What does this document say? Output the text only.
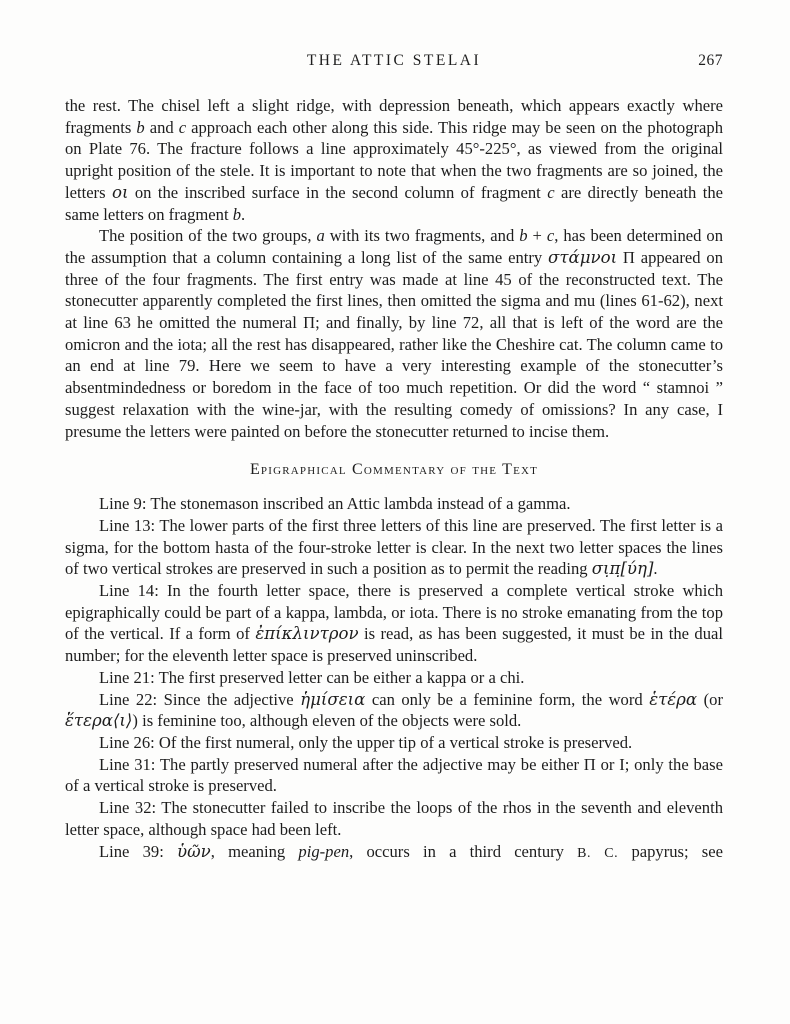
THE ATTIC STELAI	267

the rest. The chisel left a slight ridge, with depression beneath, which appears exactly where fragments b and c approach each other along this side. This ridge may be seen on the photograph on Plate 76. The fracture follows a line approximately 45°-225°, as viewed from the original upright position of the stele. It is important to note that when the two fragments are so joined, the letters οι on the inscribed surface in the second column of fragment c are directly beneath the same letters on fragment b.

The position of the two groups, a with its two fragments, and b + c, has been determined on the assumption that a column containing a long list of the same entry στάμνοι Π appeared on three of the four fragments. The first entry was made at line 45 of the reconstructed text. The stonecutter apparently completed the first lines, then omitted the sigma and mu (lines 61-62), next at line 63 he omitted the numeral Π; and finally, by line 72, all that is left of the word are the omicron and the iota; all the rest has disappeared, rather like the Cheshire cat. The column came to an end at line 79. Here we seem to have a very interesting example of the stonecutter’s absentmindedness or boredom in the face of too much repetition. Or did the word “ stamnoi ” suggest relaxation with the wine-jar, with the resulting comedy of omissions? In any case, I presume the letters were painted on before the stonecutter returned to incise them.

Epigraphical Commentary of the Text

Line 9: The stonemason inscribed an Attic lambda instead of a gamma.

Line 13: The lower parts of the first three letters of this line are preserved. The first letter is a sigma, for the bottom hasta of the four-stroke letter is clear. In the next two letter spaces the lines of two vertical strokes are preserved in such a position as to permit the reading σι̣π̣[ύη].

Line 14: In the fourth letter space, there is preserved a complete vertical stroke which epigraphically could be part of a kappa, lambda, or iota. There is no stroke emanating from the top of the vertical. If a form of ἐπίκλιντρον is read, as has been suggested, it must be in the dual number; for the eleventh letter space is preserved uninscribed.

Line 21: The first preserved letter can be either a kappa or a chi.

Line 22: Since the adjective ἡμίσεια can only be a feminine form, the word ἑτέρα (or ἕτερα⟨ι⟩) is feminine too, although eleven of the objects were sold.

Line 26: Of the first numeral, only the upper tip of a vertical stroke is preserved.

Line 31: The partly preserved numeral after the adjective may be either Π or Ι; only the base of a vertical stroke is preserved.

Line 32: The stonecutter failed to inscribe the loops of the rhos in the seventh and eleventh letter space, although space had been left.

Line 39: ὑῶν, meaning pig-pen, occurs in a third century B. C. papyrus; see
